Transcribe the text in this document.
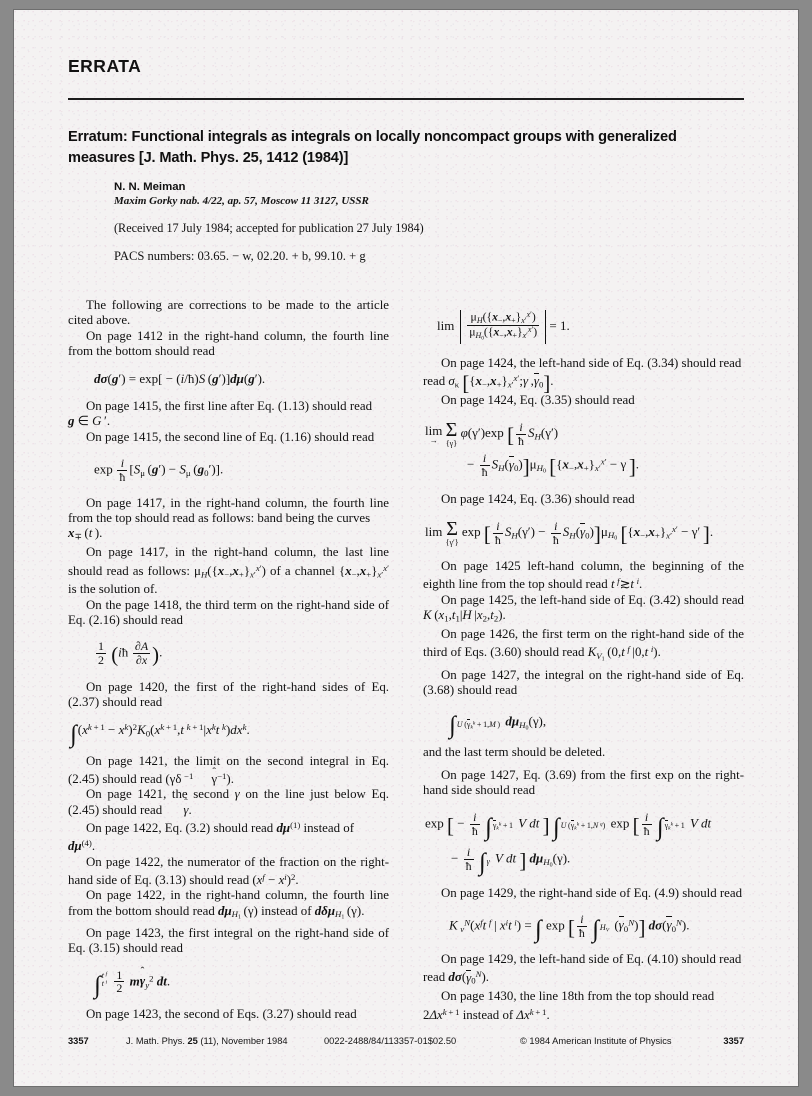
ERRATA
Erratum: Functional integrals as integrals on locally noncompact groups with generalized measures [J. Math. Phys. 25, 1412 (1984)]
N. N. Meiman
Maxim Gorky nab. 4/22, ap. 57, Moscow 11 3127, USSR
(Received 17 July 1984; accepted for publication 27 July 1984)
PACS numbers: 03.65. − w, 02.20. + b, 99.10. + g

The following are corrections to be made to the article cited above.

On page 1412 in the right-hand column, the fourth line from the bottom should read

dσ(g′) = exp[ − (i/ħ)S (g′)]dμ(g′).

On page 1415, the first line after Eq. (1.13) should read

g ∈ G ′.

On page 1415, the second line of Eq. (1.16) should read

$\exp \frac{i}{ħ} [S_\mu$ $(g') - S_\mu$ $(g_0')$].

On page 1417, in the right-hand column, the fourth line from the top should read as follows: band being the curves

$x_\mp$ (t ).

On page 1417, in the right-hand column, the last line should read as follows: $\mu_H(\{x_-,x_+\}_{x'}^{x'})$ of a channel $\{x_-,x_+\}_{x'}^{x'}$ is the solution of.

On the page 1418, the third term on the right-hand side of Eq. (2.16) should read

$\frac{1}{2}$ (iħ  $\frac{\partial A}{\partial x}$ ).

On page 1420, the first of the right-hand sides of Eq. (2.37) should read

$\int(x^{k + 1} - x^k)^2K_0(x^{k + 1},t$  $^{k + 1}|x^kt$  $^k)dx^k$.

On page 1421, the limit on the second integral in Eq. (2.45) should read (γδ $^{-1}$ ˆ $\gamma^{-1}$).

On page 1421, the second γ on the line just below Eq. (2.45) should read ˆ γ.

On page 1422, Eq. (3.2) should read $d\mu^{(1)}$ instead of

$d\mu^{(4)}$.

On page 1422, the numerator of the fraction on the right-hand side of Eq. (3.13) should read $(x^f - x^i)^2$.

On page 1422, in the right-hand column, the fourth line from the bottom should read $d\mu_{H_1}$ (γ) instead of dδμ$_{H_1}$ (γ).

On page 1423, the first integral on the right-hand side of Eq. (3.15) should read

∫ t  $^f$
t  $^i$
$\frac{1}{2}$ mˆ $\gamma_y^2$ dt.

On page 1423, the second of Eqs. (3.27) should read

$\lim \frac{\mu_H(\{x_-,x_+\}_{x'}^{x'})}{\mu_{H_0}(\{x_-,x_+\}_{x'}^{x'})} = 1$.

On page 1424, the left-hand side of Eq. (3.34) should read

read $\sigma_\kappa$ [$\{x_-,x_+\}_{x'}^{x'};\gamma$ $,\gamma_0$].

On page 1424, Eq. (3.35) should read

lim
→ Σ
{γ}
φ(γ′)exp [ $\frac{i}{ħ} S_H(\gamma')$
− $\frac{i}{ħ} S_H(\gamma_0)]\mu_{H_0}$ [$\{x_-,x_+\}_{x'}^{x'} - \gamma$ ].

On page 1424, Eq. (3.36) should read

lim Σ
{γ′}
exp [ $\frac{i}{ħ} S_H(\gamma') - \frac{i}{ħ} S_H(\gamma_0)]\mu_{H_0}$ [$\{x_-,x_+\}_{x'}^{x'} - \gamma'$ ].

On page 1425 left-hand column, the beginning of the eighth line from the top should read t  $^f$≳t  $^i$.

On page 1425, the left-hand side of Eq. (3.42) should read K ($x_1,t_1|H$ $|x_2,t_2$).

On page 1426, the first term on the right-hand side of the third of Eqs. (3.60) should read $K_{V_1}$ (0,t  $^f$ |0,t  $^i$).

On page 1427, the integral on the right-hand side of Eq. (3.68) should read

∫
U ($\gamma_k^k + 1,M$ ) $d\mu_{H_0}(\gamma)$,

and the last term should be deleted.

On page 1427, Eq. (3.69) from the first exp on the right-hand side should read

exp [ − $\frac{i}{ħ}$ ∫
$\gamma_k^k + 1$ V dt ] ∫
U ($\gamma_k^k + 1,N$  $^q$) exp [ $\frac{i}{ħ}$ ∫
$\gamma_k^k + 1$ V dt
− $\frac{i}{ħ}$ ∫
γ V dt ] $d\mu_{H_0}(\gamma)$.

On page 1429, the right-hand side of Eq. (4.9) should read

K  $_\nu^N(x^ft$  $^f$ | $x^it$  $^i$) = ∫ exp [ $\frac{i}{ħ}$ ∫
$H_V$ $(\gamma_0^N)$] $d\sigma(\gamma_0^N)$.

On page 1429, the left-hand side of Eq. (4.10) should read

read $d\sigma(\gamma_0^N)$.

On page 1430, the line 18th from the top should read

$2\Delta x^{k + 1}$ instead of $\Delta x^{k + 1}$.

3357	J. Math. Phys. 25 (11), November 1984	0022-2488/84/113357-01$02.50	© 1984 American Institute of Physics	3357
